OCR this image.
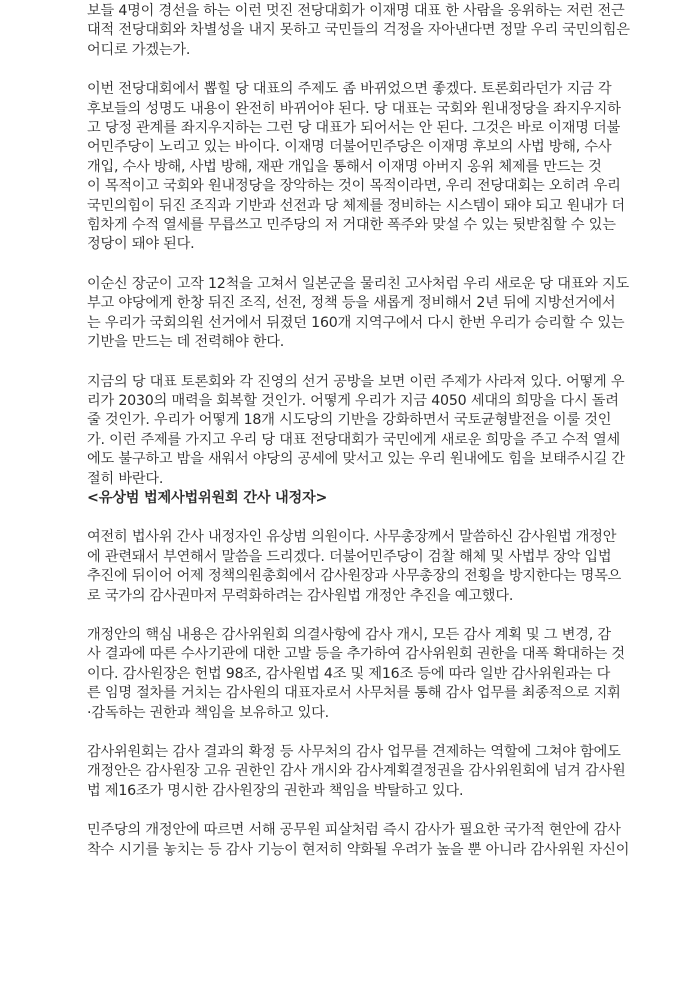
보들 4명이 경선을 하는 이런 멋진 전당대회가 이재명 대표 한 사람을 옹위하는 저런 전근
대적 전당대회와 차별성을 내지 못하고 국민들의 걱정을 자아낸다면 정말 우리 국민의힘은
어디로 가겠는가.
이번 전당대회에서 뽑힐 당 대표의 주제도 좀 바뀌었으면 좋겠다. 토론회라던가 지금 각
후보들의 성명도 내용이 완전히 바뀌어야 된다. 당 대표는 국회와 원내정당을 좌지우지하
고 당정 관계를 좌지우지하는 그런 당 대표가 되어서는 안 된다. 그것은 바로 이재명 더불
어민주당이 노리고 있는 바이다. 이재명 더불어민주당은 이재명 후보의 사법 방해, 수사
개입, 수사 방해, 사법 방해, 재판 개입을 통해서 이재명 아버지 옹위 체제를 만드는 것
이 목적이고 국회와 원내정당을 장악하는 것이 목적이라면, 우리 전당대회는 오히려 우리
국민의힘이 뒤진 조직과 기반과 선전과 당 체제를 정비하는 시스템이 돼야 되고 원내가 더
힘차게 수적 열세를 무릅쓰고 민주당의 저 거대한 폭주와 맞설 수 있는 뒷받침할 수 있는
정당이 돼야 된다.
이순신 장군이 고작 12척을 고쳐서 일본군을 물리친 고사처럼 우리 새로운 당 대표와 지도
부고 야당에게 한창 뒤진 조직, 선전, 정책 등을 새롭게 정비해서 2년 뒤에 지방선거에서
는 우리가 국회의원 선거에서 뒤졌던 160개 지역구에서 다시 한번 우리가 승리할 수 있는
기반을 만드는 데 전력해야 한다.
지금의 당 대표 토론회와 각 진영의 선거 공방을 보면 이런 주제가 사라져 있다. 어떻게 우
리가 2030의 매력을 회복할 것인가. 어떻게 우리가 지금 4050 세대의 희망을 다시 돌려
줄 것인가. 우리가 어떻게 18개 시도당의 기반을 강화하면서 국토균형발전을 이룰 것인
가. 이런 주제를 가지고 우리 당 대표 전당대회가 국민에게 새로운 희망을 주고 수적 열세
에도 불구하고 밤을 새워서 야당의 공세에 맞서고 있는 우리 원내에도 힘을 보태주시길 간
절히 바란다.
<유상범 법제사법위원회 간사 내정자>
여전히 법사위 간사 내정자인 유상범 의원이다. 사무총장께서 말씀하신 감사원법 개정안
에 관련돼서 부연해서 말씀을 드리겠다. 더불어민주당이 검찰 해체 및 사법부 장악 입법
추진에 뒤이어 어제 정책의원총회에서 감사원장과 사무총장의 전횡을 방지한다는 명목으
로 국가의 감사권마저 무력화하려는 감사원법 개정안 추진을 예고했다.
개정안의 핵심 내용은 감사위원회 의결사항에 감사 개시, 모든 감사 계획 및 그 변경, 감
사 결과에 따른 수사기관에 대한 고발 등을 추가하여 감사위원회 권한을 대폭 확대하는 것
이다. 감사원장은 헌법 98조, 감사원법 4조 및 제16조 등에 따라 일반 감사위원과는 다
른 임명 절차를 거치는 감사원의 대표자로서 사무처를 통해 감사 업무를 최종적으로 지휘
·감독하는 권한과 책임을 보유하고 있다.
감사위원회는 감사 결과의 확정 등 사무처의 감사 업무를 견제하는 역할에 그쳐야 함에도
개정안은 감사원장 고유 권한인 감사 개시와 감사계획결정권을 감사위원회에 넘겨 감사원
법 제16조가 명시한 감사원장의 권한과 책임을 박탈하고 있다.
민주당의 개정안에 따르면 서해 공무원 피살처럼 즉시 감사가 필요한 국가적 현안에 감사
착수 시기를 놓치는 등 감사 기능이 현저히 약화될 우려가 높을 뿐 아니라 감사위원 자신이
